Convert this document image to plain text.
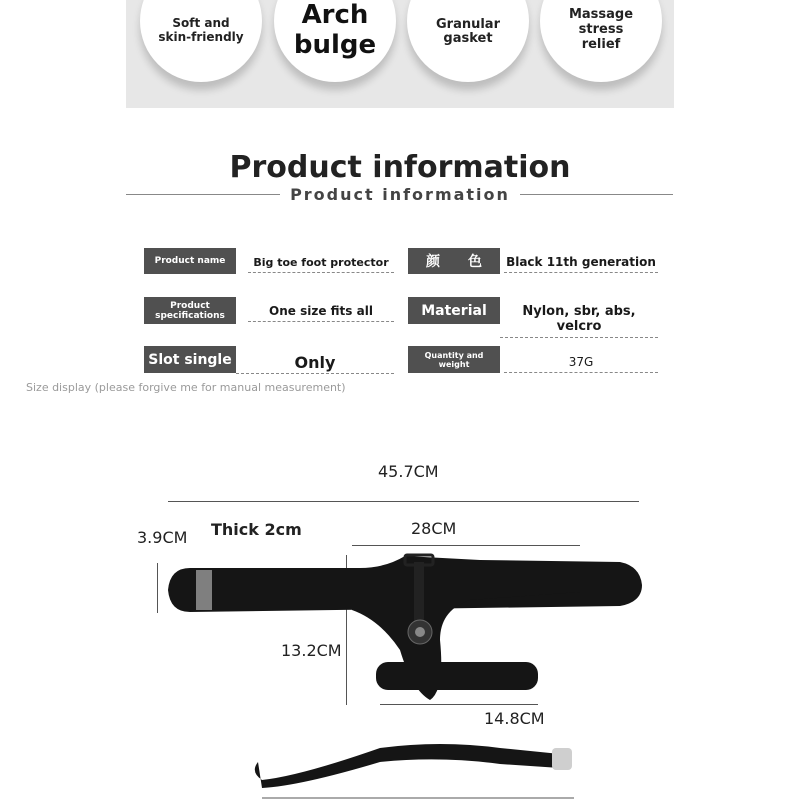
Soft and
skin-friendly
Arch
bulge
Granular
gasket
Massage
stress
relief
Product information
Product information
Product name	Big toe foot protector	颜　　色	Black 11th generation
Product
specifications	One size fits all	Material	Nylon, sbr, abs, velcro
Slot single	Only	Quantity and weight	37G
Size display (please forgive me for manual measurement)
45.7CM
3.9CM Thick 2cm	28CM
13.2CM
14.8CM
